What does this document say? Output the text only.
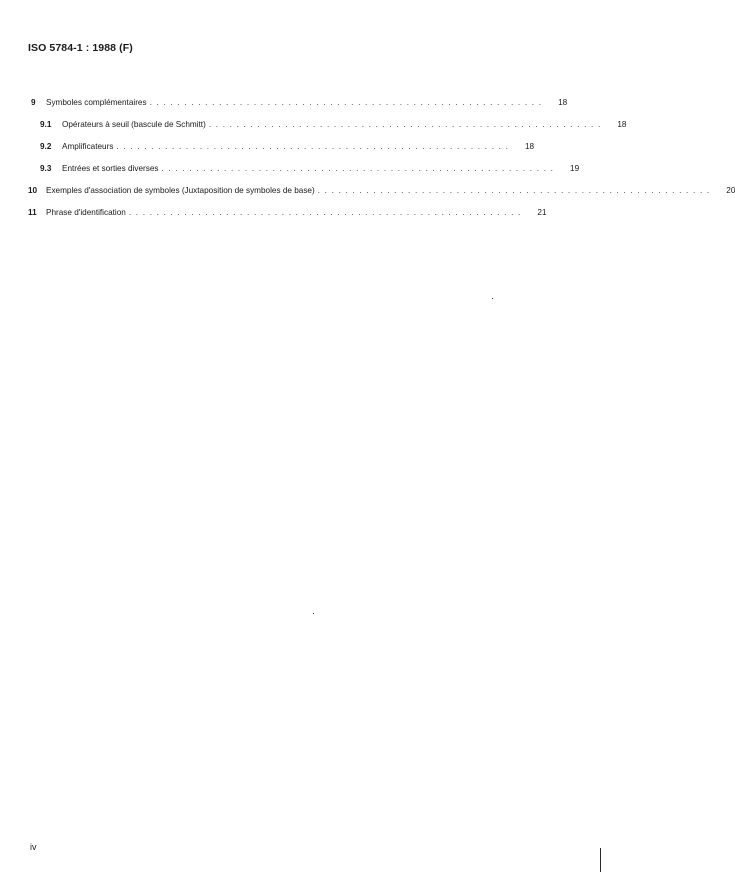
ISO 5784-1 : 1988 (F)
9	Symboles complémentaires . . . . . . . . . . . . . . . . . . . . . . . . . . . . . . . . . . . . . . . . . . . . . . . . . . . . . . . . .	18
9.1	Opérateurs à seuil (bascule de Schmitt) . . . . . . . . . . . . . . . . . . . . . . . . . . . . . . . . . . . . . . . . . . . . . . . . . . . . . . . . .	18
9.2	Amplificateurs . . . . . . . . . . . . . . . . . . . . . . . . . . . . . . . . . . . . . . . . . . . . . . . . . . . . . . . . .	18
9.3	Entrées et sorties diverses . . . . . . . . . . . . . . . . . . . . . . . . . . . . . . . . . . . . . . . . . . . . . . . . . . . . . . . . .	19
10	Exemples d'association de symboles (Juxtaposition de symboles de base) . . . . . . . . . . . . . . . . . . . . . . . . . . . . . . . . . . . . . . . . . . . . . . . . . . . . . . . . .	20
11	Phrase d'identification . . . . . . . . . . . . . . . . . . . . . . . . . . . . . . . . . . . . . . . . . . . . . . . . . . . . . . . . .	21
iv
